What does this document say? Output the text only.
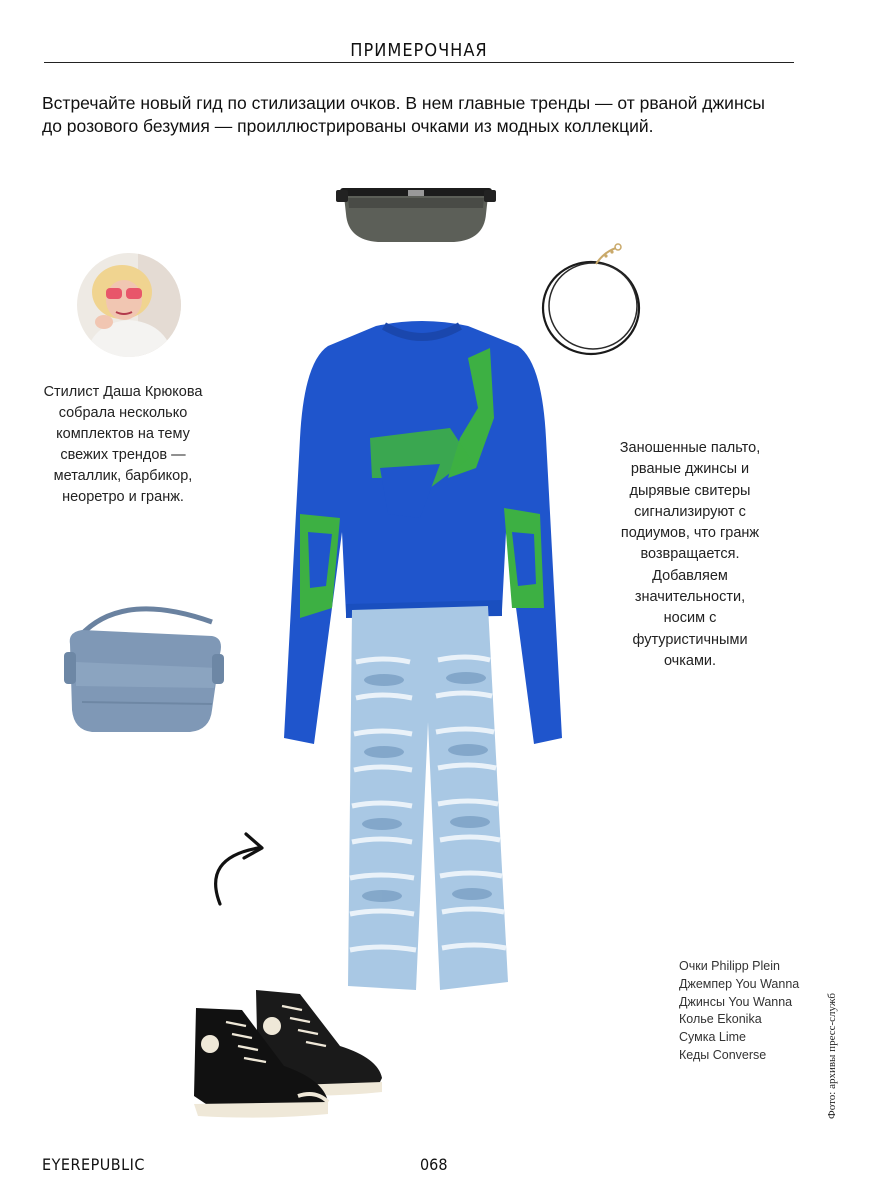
ПРИМЕРОЧНАЯ
Встречайте новый гид по стилизации очков. В нем главные тренды — от рваной джинсы
до розового безумия — проиллюстрированы очками из модных коллекций.
Стилист Даша Крюкова
собрала несколько
комплектов на тему
свежих трендов —
металлик, барбикор,
неоретро и гранж.
Заношенные пальто,
рваные джинсы и
дырявые свитеры
сигнализируют с
подиумов, что гранж
возвращается.
Добавляем
значительности,
носим с
футуристичными
очками.
Очки Philipp Plein
Джемпер You Wanna
Джинсы You Wanna
Колье Ekonika
Сумка Lime
Кеды Converse	Фото: архивы пресс-служб
EYEREPUBLIC	068
